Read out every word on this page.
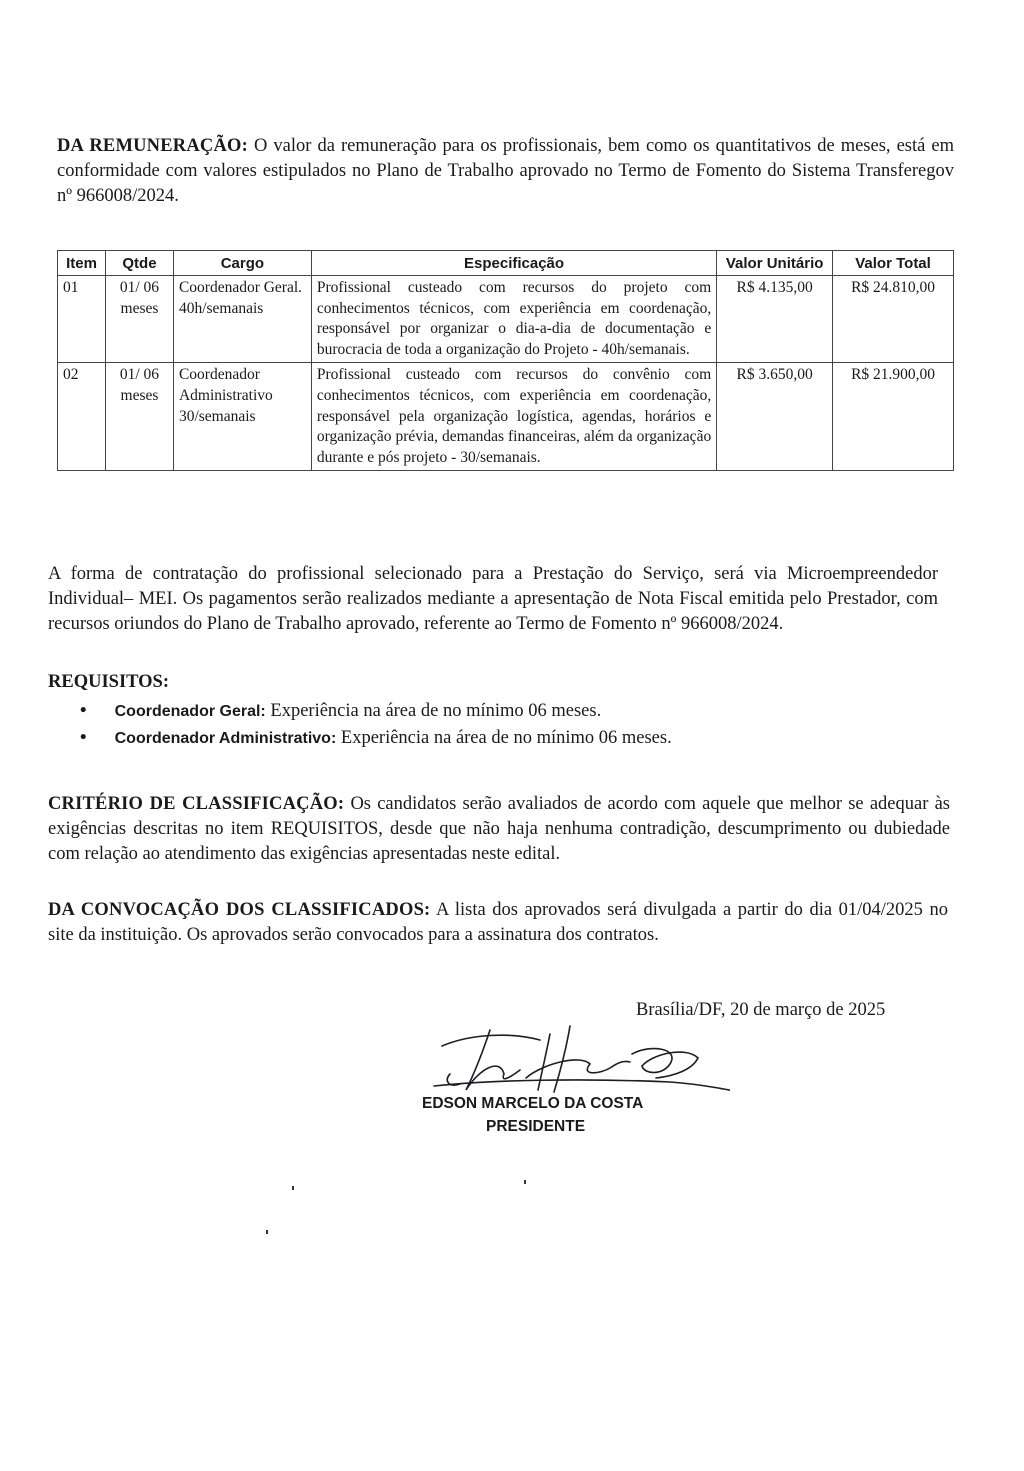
DA REMUNERAÇÃO: O valor da remuneração para os profissionais, bem como os quantitativos de meses, está em conformidade com valores estipulados no Plano de Trabalho aprovado no Termo de Fomento do Sistema Transferegov nº 966008/2024.

Item	Qtde	Cargo	Especificação	Valor Unitário	Valor Total
01	01/ 06 meses	Coordenador Geral. 40h/semanais	Profissional custeado com recursos do projeto com conhecimentos técnicos, com experiência em coordenação, responsável por organizar o dia-a-dia de documentação e burocracia de toda a organização do Projeto - 40h/semanais.	R$ 4.135,00	R$ 24.810,00
02	01/ 06 meses	Coordenador Administrativo 30/semanais	Profissional custeado com recursos do convênio com conhecimentos técnicos, com experiência em coordenação, responsável pela organização logística, agendas, horários e organização prévia, demandas financeiras, além da organização durante e pós projeto - 30/semanais.	R$ 3.650,00	R$ 21.900,00

A forma de contratação do profissional selecionado para a Prestação do Serviço, será via Microempreendedor Individual– MEI. Os pagamentos serão realizados mediante a apresentação de Nota Fiscal emitida pelo Prestador, com recursos oriundos do Plano de Trabalho aprovado, referente ao Termo de Fomento nº 966008/2024.

REQUISITOS:
• Coordenador Geral: Experiência na área de no mínimo 06 meses.
• Coordenador Administrativo: Experiência na área de no mínimo 06 meses.

CRITÉRIO DE CLASSIFICAÇÃO: Os candidatos serão avaliados de acordo com aquele que melhor se adequar às exigências descritas no item REQUISITOS, desde que não haja nenhuma contradição, descumprimento ou dubiedade com relação ao atendimento das exigências apresentadas neste edital.

DA CONVOCAÇÃO DOS CLASSIFICADOS: A lista dos aprovados será divulgada a partir do dia 01/04/2025 no site da instituição. Os aprovados serão convocados para a assinatura dos contratos.

Brasília/DF, 20 de março de 2025
EDSON MARCELO DA COSTA
PRESIDENTE
